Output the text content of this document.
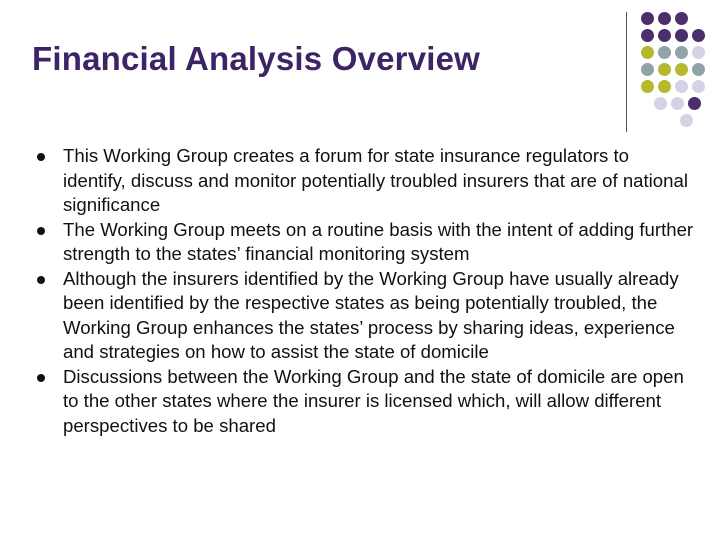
Financial Analysis Overview
This Working Group creates a forum for state insurance regulators to identify, discuss and monitor potentially troubled insurers that are of national significance
The Working Group meets on a routine basis with the intent of adding further strength to the states’ financial monitoring system
Although the insurers identified by the Working Group have usually already been identified by the respective states as being potentially troubled, the Working Group enhances the states’ process by sharing ideas, experience and strategies on how to assist the state of domicile
Discussions between the Working Group and the state of domicile are open to the other states where the insurer is licensed which, will allow different perspectives to be shared
